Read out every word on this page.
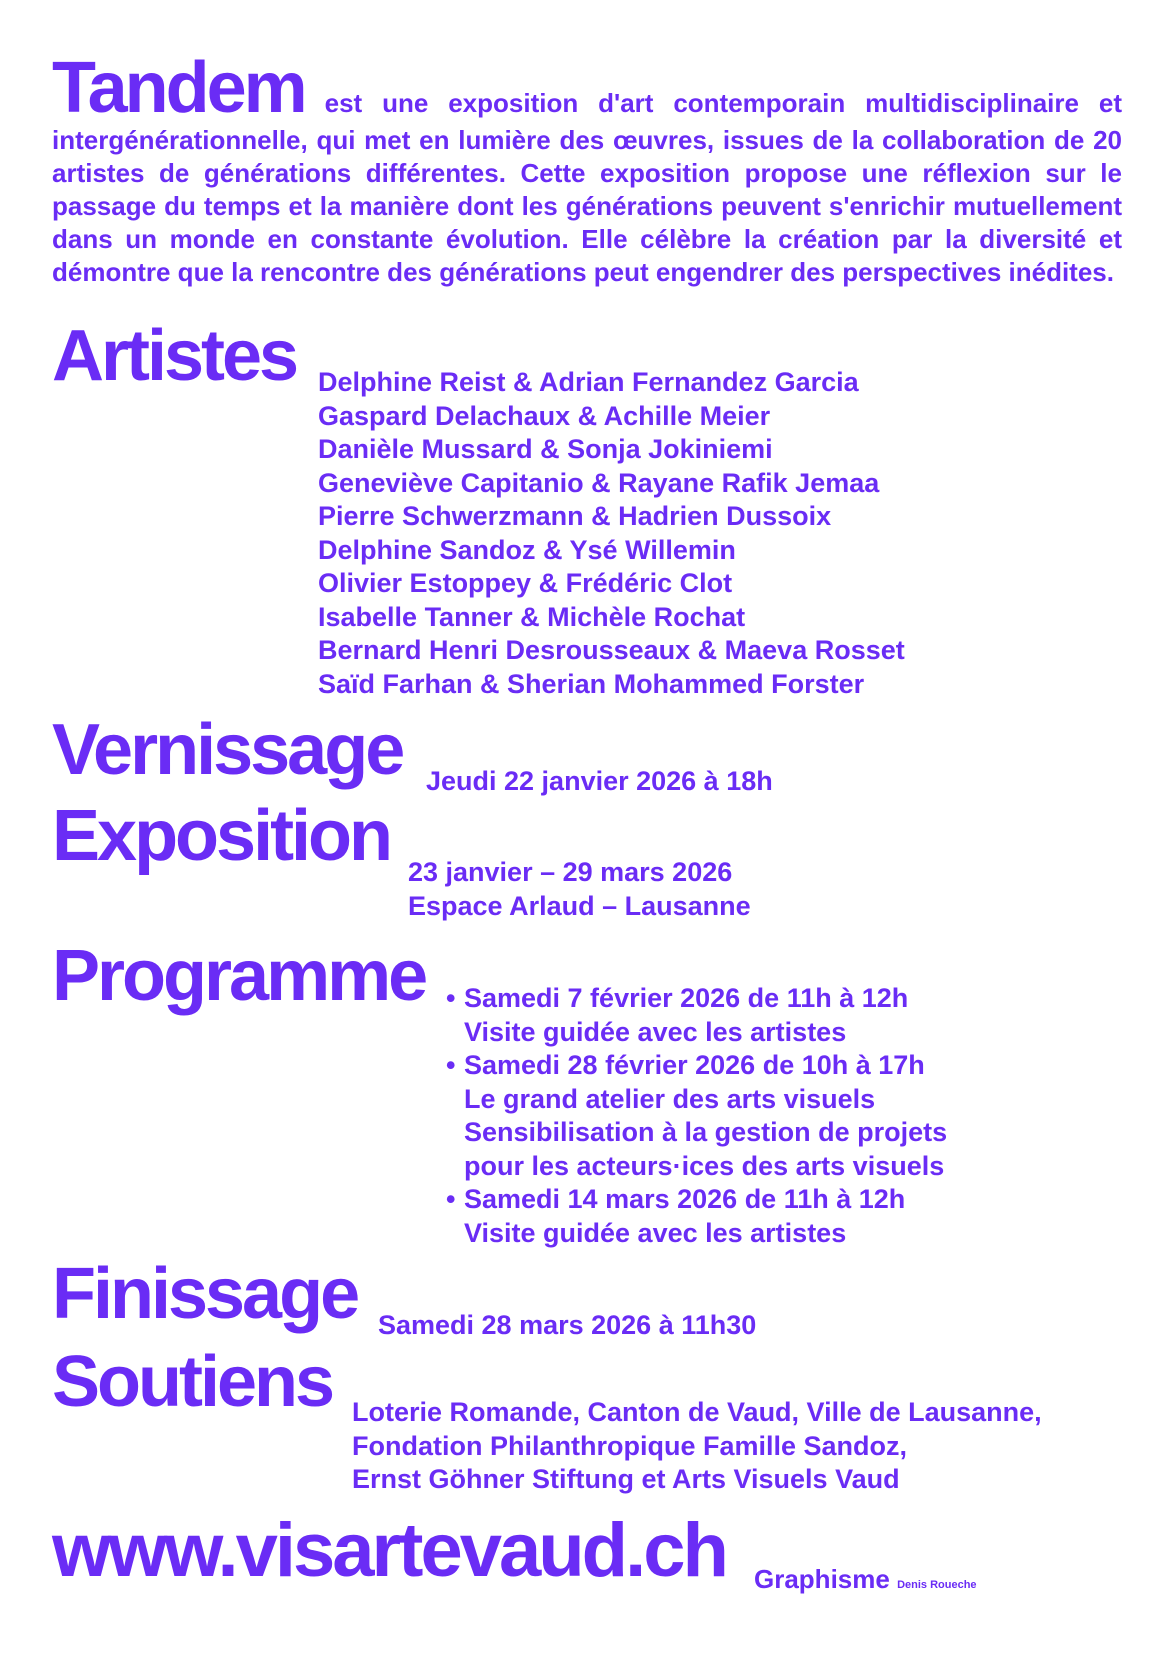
Tandem est une exposition d'art contemporain multidisciplinaire et intergénérationnelle, qui met en lumière des œuvres, issues de la collaboration de 20 artistes de générations différentes. Cette exposition propose une réflexion sur le passage du temps et la manière dont les générations peuvent s'enrichir mutuellement dans un monde en constante évolution. Elle célèbre la création par la diversité et démontre que la rencontre des générations peut engendrer des perspectives inédites.
Artistes Delphine Reist & Adrian Fernandez Garcia
Gaspard Delachaux & Achille Meier
Danièle Mussard & Sonja Jokiniemi
Geneviève Capitanio & Rayane Rafik Jemaa
Pierre Schwerzmann & Hadrien Dussoix
Delphine Sandoz & Ysé Willemin
Olivier Estoppey & Frédéric Clot
Isabelle Tanner & Michèle Rochat
Bernard Henri Desrousseaux & Maeva Rosset
Saïd Farhan & Sherian Mohammed Forster
Vernissage Jeudi 22 janvier 2026 à 18h
Exposition 23 janvier – 29 mars 2026
Espace Arlaud – Lausanne
Programme • Samedi 7 février 2026 de 11h à 12h
Visite guidée avec les artistes
• Samedi 28 février 2026 de 10h à 17h
Le grand atelier des arts visuels
Sensibilisation à la gestion de projets
pour les acteurs·ices des arts visuels
• Samedi 14 mars 2026 de 11h à 12h
Visite guidée avec les artistes
Finissage Samedi 28 mars 2026 à 11h30
Soutiens Loterie Romande, Canton de Vaud, Ville de Lausanne,
Fondation Philanthropique Famille Sandoz,
Ernst Göhner Stiftung et Arts Visuels Vaud
www.visartevaud.ch Graphisme Denis Roueche
